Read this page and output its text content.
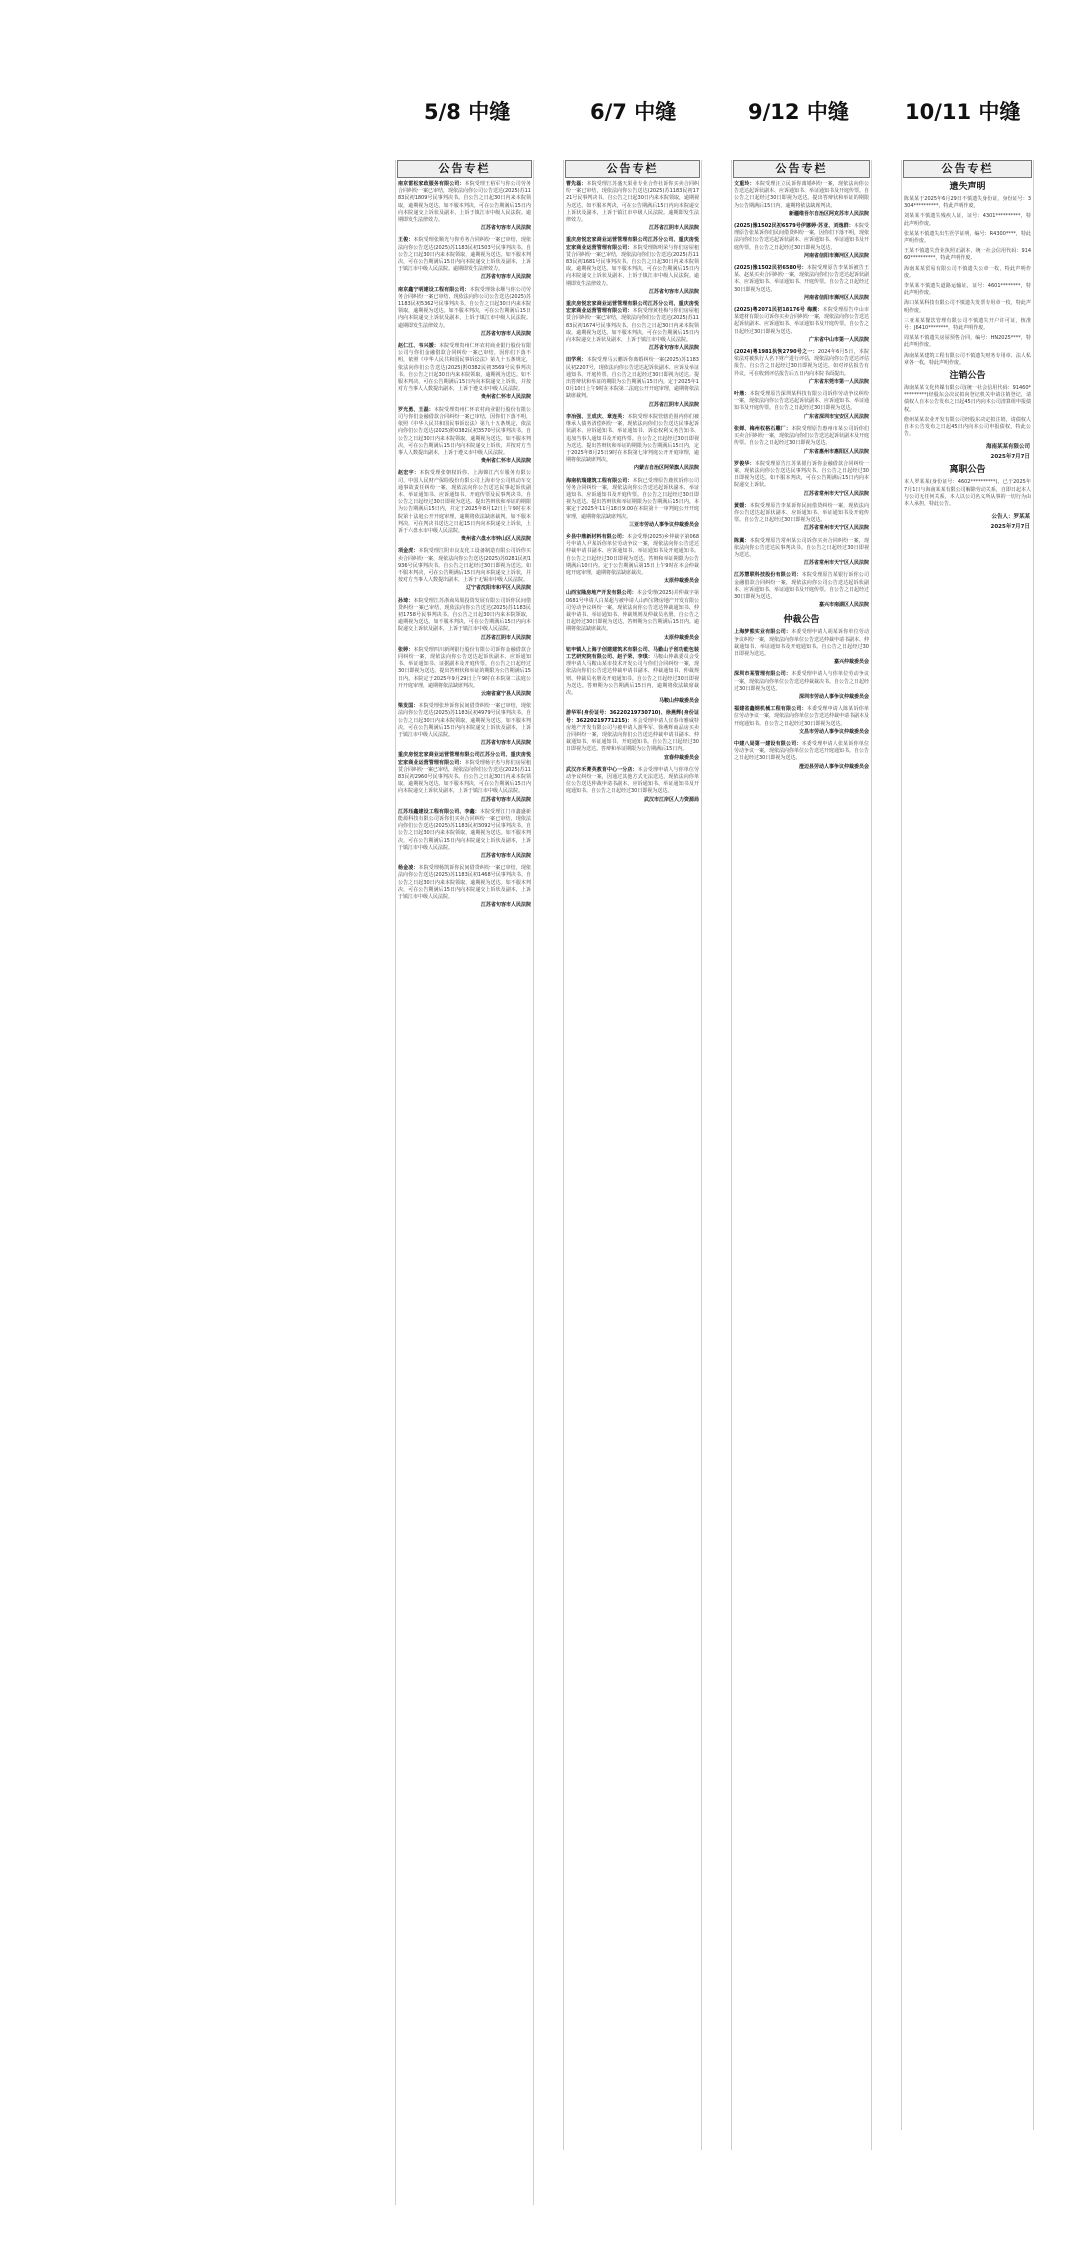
5/8 中缝
公告专栏
南京雷松家政服务有限公司：本院受理王裕军与你公司劳务合同纠纷一案已审结，现依法向你公司公告送达(2025)苏1183民初1809号民事判决书。自公告之日起30日内来本院领取，逾期视为送达。如不服本判决，可在公告期满后15日内向本院递交上诉状及副本，上诉于镇江市中级人民法院。逾期即发生法律效力。
江苏省句容市人民法院
王俊：本院受理张顺光与你劳务合同纠纷一案已审结，现依法向你公告送达(2025)苏1183民初1503号民事判决书。自公告之日起30日内来本院领取，逾期视为送达。如不服本判决，可在公告期满后15日内向本院递交上诉状及副本，上诉于镇江市中级人民法院。逾期即发生法律效力。
江苏省句容市人民法院
南京鑫宁明建设工程有限公司：本院受理徐永顺与你公司劳务合同纠纷一案已审结，现依法向你公司公告送达(2025)苏1183民初5362号民事判决书。自公告之日起30日内来本院领取，逾期视为送达。如不服本判决，可在公告期满后15日内向本院递交上诉状及副本，上诉于镇江市中级人民法院。逾期即发生法律效力。
江苏省句容市人民法院
赵仁江、韦兴媛：本院受理贵州仁怀农村商业银行股份有限公司与你们金融借款合同纠纷一案已审结，因你们下落不明，依照《中华人民共和国民事诉讼法》第九十五条规定，依法向你们公告送达(2025)黔0382民初3569号民事判决书。自公告之日起30日内来本院领取，逾期视为送达。如不服本判决，可在公告期满后15日内向本院递交上诉状，并按对方当事人人数提出副本，上诉于遵义市中级人民法院。
贵州省仁怀市人民法院
罗光勇、王磊：本院受理贵州仁怀农村商业银行股份有限公司与你们金融借款合同纠纷一案已审结，因你们下落不明，依照《中华人民共和国民事诉讼法》第九十五条规定，依法向你们公告送达(2025)黔0382民初3570号民事判决书。自公告之日起30日内来本院领取，逾期视为送达。如不服本判决，可在公告期满后15日内向本院递交上诉状，并按对方当事人人数提出副本，上诉于遵义市中级人民法院。
贵州省仁怀市人民法院
赵宏宇：本院受理张朝权诉你、上海锦江汽车服务有限公司、中国人民财产保险股份有限公司上海市分公司机动车交通事故责任纠纷一案，现依法向你公告送达民事起诉状副本、举证通知书、应诉通知书、开庭传票及民事判决书。自公告之日起经过30日即视为送达。提出答辩状和举证的期限为公告期满后15日内，并定于2025年8月12日上午9时在本院第十法庭公开开庭审理，逾期将依法缺席裁判。如不服本判决，可在判决书送达之日起15日内向本院递交上诉状，上诉于六盘水市中级人民法院。
贵州省六盘水市钟山区人民法院
项金虎：本院受理江阴市良友化工设备制造有限公司诉你买卖合同纠纷一案，现依法向你公告送达(2025)苏0281民初1936号民事判决书。自公告之日起经过30日即视为送达。如不服本判决，可在公告期满后15日内向本院递交上诉状，并按对方当事人人数提出副本，上诉于无锡市中级人民法院。
辽宁省沈阳市和平区人民法院
孙琦：本院受理江苏浙商凤凰投资发展有限公司诉你民间借贷纠纷一案已审结，现依法向你公告送达(2025)苏1183民初1758号民事判决书。自公告之日起30日内来本院领取，逾期视为送达。如不服本判决，可在公告期满后15日内向本院递交上诉状及副本，上诉于镇江市中级人民法院。
江苏省江阴市人民法院
张婷：本院受理四川新网银行股份有限公司诉你金融借款合同纠纷一案，现依法向你公告送达起诉状副本、应诉通知书、举证通知书、证据副本及开庭传票。自公告之日起经过30日即视为送达。提出答辩状和举证的期限为公告期满后15日内。本院定于2025年9月29日上午9时在本院第二法庭公开开庭审理，逾期将依法缺席判决。
云南省富宁县人民法院
梁发国：本院受理张珍诉你民间借贷纠纷一案已审结，现依法向你公告送达(2025)苏1183民初4979号民事判决书。自公告之日起30日内来本院领取，逾期视为送达。如不服本判决，可在公告期满后15日内向本院递交上诉状及副本，上诉于镇江市中级人民法院。
江苏省句容市人民法院
重庆房悦宏家商业运营管理有限公司江苏分公司、重庆房悦宏家商业运营管理有限公司：本院受理杨宇杰与你们房屋租赁合同纠纷一案已审结，现依法向你们公告送达(2025)苏1183民初2960号民事判决书。自公告之日起30日内来本院领取，逾期视为送达。如不服本判决，可在公告期满后15日内向本院递交上诉状及副本，上诉于镇江市中级人民法院。
江苏省句容市人民法院
江苏珏鑫建设工程有限公司、李鑫：本院受理江门市鑫盛新能源科技有限公司诉你们买卖合同纠纷一案已审结，现依法向你们公告送达(2025)苏1183民初3092号民事判决书。自公告之日起30日内来本院领取，逾期视为送达。如不服本判决，可在公告期满后15日内向本院递交上诉状及副本，上诉于镇江市中级人民法院。
江苏省句容市人民法院
杨金凌：本院受理杨凯诉你民间借贷纠纷一案已审结，现依法向你公告送达(2025)苏1183民初1468号民事判决书。自公告之日起30日内来本院领取，逾期视为送达。如不服本判决，可在公告期满后15日内向本院递交上诉状及副本，上诉于镇江市中级人民法院。
江苏省句容市人民法院
6/7 中缝
公告专栏
曹先磊：本院受理江苏盛天果业专业合作社诉你买卖合同纠纷一案已审结，现依法向你公告送达(2025)苏1183民初1721号民事判决书。自公告之日起30日内来本院领取，逾期视为送达。如不服本判决，可在公告期满后15日内向本院递交上诉状及副本，上诉于镇江市中级人民法院。逾期即发生法律效力。
江苏省江阴市人民法院
重庆房悦宏家商业运营管理有限公司江苏分公司、重庆房悦宏家商业运营管理有限公司：本院受理陈明荣与你们房屋租赁合同纠纷一案已审结，现依法向你们公告送达(2025)苏1183民初1681号民事判决书。自公告之日起30日内来本院领取，逾期视为送达。如不服本判决，可在公告期满后15日内向本院递交上诉状及副本，上诉于镇江市中级人民法院。逾期即发生法律效力。
江苏省句容市人民法院
重庆房悦宏家商业运营管理有限公司江苏分公司、重庆房悦宏家商业运营管理有限公司：本院受理黄桂梅与你们房屋租赁合同纠纷一案已审结，现依法向你们公告送达(2025)苏1183民初1674号民事判决书。自公告之日起30日内来本院领取，逾期视为送达。如不服本判决，可在公告期满后15日内向本院递交上诉状及副本，上诉于镇江市中级人民法院。
江苏省句容市人民法院
田学利：本院受理马云鹏诉你离婚纠纷一案(2025)苏1183民初2207号，现依法向你公告送达起诉状副本、应诉及举证通知书、开庭传票。自公告之日起经过30日即视为送达。提出答辩状和举证的期限为公告期满后15日内。定于2025年10月10日上午9时在本院第二法庭公开开庭审理，逾期将依法缺席裁判。
江苏省江阴市人民法院
李冶强、王成庆、章连英：本院受理本院管辖范围内你们被继承人债务清偿纠纷一案，现依法向你们公告送达民事起诉状副本、应诉通知书、举证通知书、诉讼权利义务告知书、追加当事人通知书及开庭传票。自公告之日起经过30日即视为送达。提出答辩状和举证的期限为公告期满后15日内，定于2025年8月25日9时在本院第七审判庭公开开庭审理，逾期将依法缺席判决。
内蒙古自治区阿荣旗人民法院
海南杭瑞建筑工程有限公司：本院已受理原告鹿钦诉你公司劳务合同纠纷一案，现依法向你公告送达起诉状副本、举证通知书、应诉通知书及开庭传票。自公告之日起经过30日即视为送达。提出答辩状和举证期限为公告期满后15日内。本案定于2025年11月18日9:00在本院第十一审判庭公开开庭审理，逾期将依法缺席判决。
三亚市劳动人事争议仲裁委员会
乡县中鼎新材料有限公司：本会受理(2025)乡仲裁字第068号申请人尹某诉你单位劳动争议一案，现依法向你公告送达仲裁申请书副本、应诉通知书、举证通知书及开庭通知书。自公告之日起经过30日即视为送达。答辩和举证期限为公告期满后10日内。定于公告期满后第15日上午9时在本会仲裁庭开庭审理，逾期将依法缺席裁决。
太原仲裁委员会
山西宝隆房地产开发有限公司：本会受理(2025)并仲裁字第0681号申请人白某超与被申请人山西宝隆房地产开发有限公司劳动争议纠纷一案，现依法向你公告送达仲裁通知书、仲裁申请书、举证通知书、仲裁规则及仲裁员名册。自公告之日起经过30日即视为送达。答辩期为公告期满后15日内。逾期将依法缺席裁决。
太原仲裁委员会
钮申镇人上海子创建建筑术有限公司、马勤山子创功能包装工艺研究院有限公司、赵子荣、李琪：马鞍山仲裁委员会受理申请人马鞍山某市技术开发公司与你们合同纠纷一案，现依法向你们公告送达仲裁申请书副本、仲裁通知书、仲裁规则、仲裁员名册及开庭通知书。自公告之日起经过30日即视为送达。答辩期为公告期满后15日内，逾期将依法缺席裁决。
马鞍山仲裁委员会
游华军(身份证号：36220219730710)、徐燕辉(身份证号：36220219771215)：本会受理申请人宜春市雅威特房地产开发有限公司与被申请人游华军、徐燕辉商品房买卖合同纠纷一案，现依法向你们公告送达仲裁申请书副本、仲裁通知书、举证通知书、开庭通知书。自公告之日起经过30日即视为送达。答辩和举证期限为公告期满后15日内。
宜春仲裁委员会
武汉亦禾菁英教育中心一分店：本会受理申请人与你单位劳动争议纠纷一案，因通过其他方式无法送达，现依法向你单位公告送达仲裁申请书副本、应诉通知书、举证通知书及开庭通知书。自公告之日起经过30日即视为送达。
武汉市江岸区人力资源局
9/12 中缝
公告专栏
文重玲：本院受理汪立民诉你离婚纠纷一案，现依法向你公告送达起诉状副本、应诉通知书、举证通知书及开庭传票。自公告之日起经过30日即视为送达。提出答辩状和举证的期限为公告期满后15日内，逾期将依法缺席判决。
新疆维吾尔自治区阿克苏市人民法院
(2025)豫1502民初6579号伊娜婷·苏亚、刘逸群：本院受理原告张某诉你们民间借贷纠纷一案，因你们下落不明，现依法向你们公告送达起诉状副本、应诉通知书、举证通知书及开庭传票。自公告之日起经过30日即视为送达。
河南省信阳市浉河区人民法院
(2025)豫1502民初6580号：本院受理原告李某诉被告王某、赵某买卖合同纠纷一案，现依法向你们公告送达起诉状副本、应诉通知书、举证通知书、开庭传票。自公告之日起经过30日即视为送达。
河南省信阳市浉河区人民法院
(2025)粤2071民初18176号 梅震：本院受理原告中山市某建材有限公司诉你买卖合同纠纷一案，现依法向你公告送达起诉状副本、应诉通知书、举证通知书及开庭传票。自公告之日起经过30日即视为送达。
广东省中山市第一人民法院
(2024)粤1981执恢2790号之一：2024年6月5日，本院依法对被执行人名下财产进行评估，现依法向你公告送达评估报告。自公告之日起经过30日即视为送达。如对评估报告有异议，可在收到评估报告后五日内向本院书面提出。
广东省东莞市第一人民法院
叶鼎：本院受理原告深圳某科技有限公司诉你劳动争议纠纷一案，现依法向你公告送达起诉状副本、应诉通知书、举证通知书及开庭传票。自公告之日起经过30日即视为送达。
广东省深圳市宝安区人民法院
张婵、梅州权格石雕厂：本院受理原告惠州市某公司诉你们买卖合同纠纷一案，现依法向你们公告送达起诉状副本及开庭传票。自公告之日起经过30日即视为送达。
广东省惠州市惠阳区人民法院
罗俊华：本院受理原告江苏某银行诉你金融借款合同纠纷一案，现依法向你公告送达民事判决书。自公告之日起经过30日即视为送达。如不服本判决，可在公告期满后15日内向本院递交上诉状。
江苏省常州市天宁区人民法院
黄媛：本院受理原告李某诉你民间借贷纠纷一案，现依法向你公告送达起诉状副本、应诉通知书、举证通知书及开庭传票。自公告之日起经过30日即视为送达。
江苏省常州市天宁区人民法院
陈翼：本院受理原告常州某公司诉你买卖合同纠纷一案，现依法向你公告送达民事判决书。自公告之日起经过30日即视为送达。
江苏省常州市天宁区人民法院
江苏慧联科技股份有限公司：本院受理原告某银行诉你公司金融借款合同纠纷一案，现依法向你公司公告送达起诉状副本、应诉通知书、举证通知书及开庭传票。自公告之日起经过30日即视为送达。
嘉兴市南湖区人民法院
仲裁公告
上海梦熊实业有限公司：本委受理申请人胡某诉你单位劳动争议纠纷一案，现依法向你单位公告送达仲裁申请书副本、仲裁通知书、举证通知书及开庭通知书。自公告之日起经过30日即视为送达。
嘉兴仲裁委员会
深圳市某管理有限公司：本委受理申请人与你单位劳动争议一案，现依法向你单位公告送达仲裁裁决书。自公告之日起经过30日即视为送达。
深圳市劳动人事争议仲裁委员会
福建省鑫钢机械工程有限公司：本委受理申请人陈某诉你单位劳动争议一案，现依法向你单位公告送达仲裁申请书副本及开庭通知书。自公告之日起经过30日即视为送达。
文昌市劳动人事争议仲裁委员会
中建八局第一建设有限公司：本委受理申请人张某诉你单位劳动争议一案，现依法向你单位公告送达开庭通知书。自公告之日起经过30日即视为送达。
澄迈县劳动人事争议仲裁委员会
10/11 中缝
公告专栏
遗失声明
陈某某于2025年6月29日不慎遗失身份证，身份证号：3304**********，特此声明作废。
刘某某不慎遗失残疾人证，证号：4301**********，特此声明作废。
张某某不慎遗失出生医学证明，编号：R4300****，特此声明作废。
王某不慎遗失营业执照正副本，统一社会信用代码：91460**********，特此声明作废。
海南某某贸易有限公司不慎遗失公章一枚，特此声明作废。
李某某不慎遗失道路运输证，证号：4601********，特此声明作废。
海口某某科技有限公司不慎遗失发票专用章一枚，特此声明作废。
三亚某某餐饮管理有限公司不慎遗失开户许可证，核准号：J6410********，特此声明作废。
周某某不慎遗失房屋预售合同，编号：HN2025****，特此声明作废。
海南某某建筑工程有限公司不慎遗失财务专用章、法人私章各一枚，特此声明作废。
注销公告
海南某某文化传媒有限公司(统一社会信用代码：91460**********)经股东会决议拟向登记机关申请注销登记，请债权人自本公告发布之日起45日内向本公司清算组申报债权。
儋州某某农业开发有限公司经股东决定拟注销，请债权人自本公告发布之日起45日内向本公司申报债权，特此公告。
海南某某有限公司
2025年7月7日
离职公告
本人罗某某(身份证号：4602**********)，已于2025年7月1日与海南某某有限公司解除劳动关系，自即日起本人与公司无任何关系，本人以公司名义所从事的一切行为由本人承担，特此公告。
公告人：罗某某
2025年7月7日
